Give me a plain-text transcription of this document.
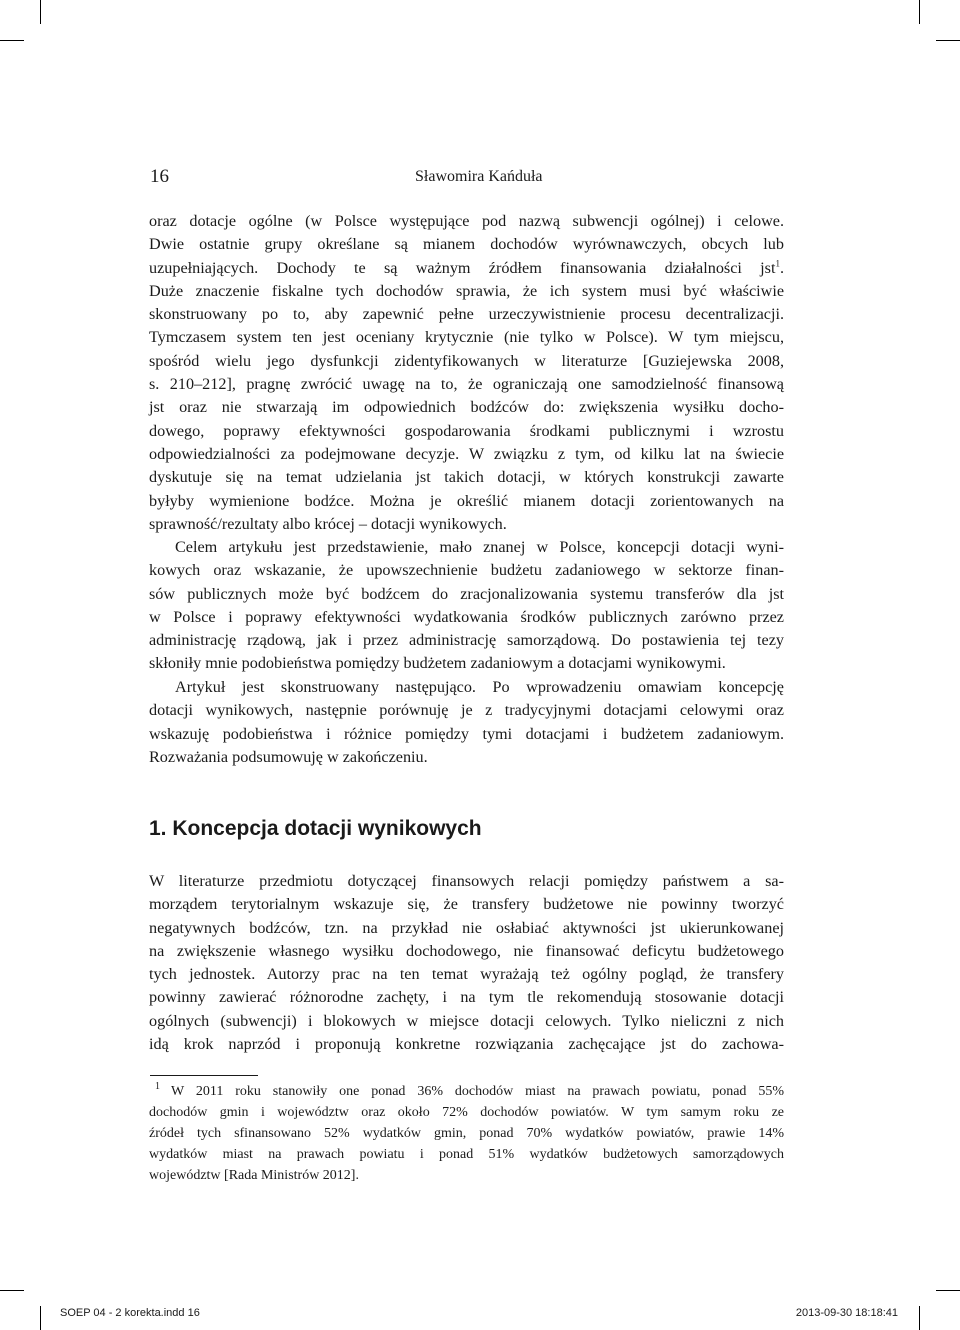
16	Sławomira Kańduła
oraz dotacje ogólne (w Polsce występujące pod nazwą subwencji ogólnej) i celowe.
Dwie ostatnie grupy określane są mianem dochodów wyrównawczych, obcych lub
uzupełniających. Dochody te są ważnym źródłem finansowania działalności jst$^1$.
Duże znaczenie fiskalne tych dochodów sprawia, że ich system musi być właściwie
skonstruowany po to, aby zapewnić pełne urzeczywistnienie procesu decentralizacji.
Tymczasem system ten jest oceniany krytycznie (nie tylko w Polsce). W tym miejscu,
spośród wielu jego dysfunkcji zidentyfikowanych w literaturze [Guziejewska 2008,
s. 210–212], pragnę zwrócić uwagę na to, że ograniczają one samodzielność finansową
jst oraz nie stwarzają im odpowiednich bodźców do: zwiększenia wysiłku docho-
dowego, poprawy efektywności gospodarowania środkami publicznymi i wzrostu
odpowiedzialności za podejmowane decyzje. W związku z tym, od kilku lat na świecie
dyskutuje się na temat udzielania jst takich dotacji, w których konstrukcji zawarte
byłyby wymienione bodźce. Można je określić mianem dotacji zorientowanych na
sprawność/rezultaty albo krócej – dotacji wynikowych.
Celem artykułu jest przedstawienie, mało znanej w Polsce, koncepcji dotacji wyni-
kowych oraz wskazanie, że upowszechnienie budżetu zadaniowego w sektorze finan-
sów publicznych może być bodźcem do zracjonalizowania systemu transferów dla jst
w Polsce i poprawy efektywności wydatkowania środków publicznych zarówno przez
administrację rządową, jak i przez administrację samorządową. Do postawienia tej tezy
skłoniły mnie podobieństwa pomiędzy budżetem zadaniowym a dotacjami wynikowymi.
Artykuł jest skonstruowany następująco. Po wprowadzeniu omawiam koncepcję
dotacji wynikowych, następnie porównuję je z tradycyjnymi dotacjami celowymi oraz
wskazuję podobieństwa i różnice pomiędzy tymi dotacjami i budżetem zadaniowym.
Rozważania podsumowuję w zakończeniu.
1. Koncepcja dotacji wynikowych
W literaturze przedmiotu dotyczącej finansowych relacji pomiędzy państwem a sa-
morządem terytorialnym wskazuje się, że transfery budżetowe nie powinny tworzyć
negatywnych bodźców, tzn. na przykład nie osłabiać aktywności jst ukierunkowanej
na zwiększenie własnego wysiłku dochodowego, nie finansować deficytu budżetowego
tych jednostek. Autorzy prac na ten temat wyrażają też ogólny pogląd, że transfery
powinny zawierać różnorodne zachęty, i na tym tle rekomendują stosowanie dotacji
ogólnych (subwencji) i blokowych w miejsce dotacji celowych. Tylko nieliczni z nich
idą krok naprzód i proponują konkretne rozwiązania zachęcające jst do zachowa-
1 W 2011 roku stanowiły one ponad 36% dochodów miast na prawach powiatu, ponad 55%
dochodów gmin i województw oraz około 72% dochodów powiatów. W tym samym roku ze
źródeł tych sfinansowano 52% wydatków gmin, ponad 70% wydatków powiatów, prawie 14%
wydatków miast na prawach powiatu i ponad 51% wydatków budżetowych samorządowych
województw [Rada Ministrów 2012].
SOEP 04 - 2 korekta.indd 16	2013-09-30 18:18:41
